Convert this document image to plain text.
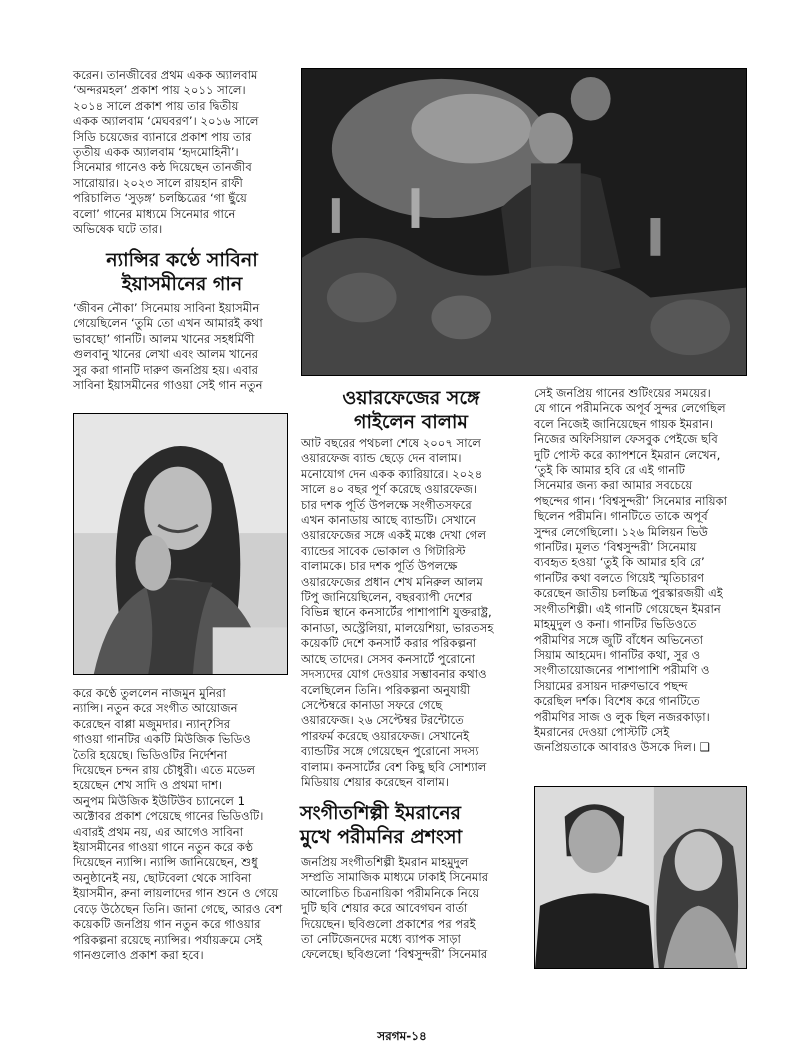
করেন। তানজীবের প্রথম একক অ্যালবাম

‘অন্দরমহল’ প্রকাশ পায় ২০১১ সালে।

২০১৪ সালে প্রকাশ পায় তার দ্বিতীয়

একক অ্যালবাম ‘মেঘবরণ’। ২০১৬ সালে

সিডি চয়েজের ব্যানারে প্রকাশ পায় তার

তৃতীয় একক অ্যালবাম ‘হৃদমোহিনী’।

সিনেমার গানেও কন্ঠ দিয়েছেন তানজীব

সারোয়ার। ২০২৩ সালে রায়হান রাফী

পরিচালিত ‘সুড়ঙ্গ’ চলচ্চিত্রের ‘গা ছুঁয়ে

বলো’ গানের মাধ্যমে সিনেমার গানে

অভিষেক ঘটে তার।

ন্যান্সির কণ্ঠে সাবিনা

ইয়াসমীনের গান

‘জীবন নৌকা’ সিনেমায় সাবিনা ইয়াসমীন

গেয়েছিলেন ‘তুমি তো এখন আমারই কথা

ভাবছো’ গানটি। আলম খানের সহধর্মিণী

গুলবানু খানের লেখা এবং আলম খানের

সুর করা গানটি দারুণ জনপ্রিয় হয়। এবার

সাবিনা ইয়াসমীনের গাওয়া সেই গান নতুন

করে কণ্ঠে তুললেন নাজমুন মুনিরা

ন্যান্সি। নতুন করে সংগীত আয়োজন

করেছেন বাপ্পা মজুমদার। ন্যান্?সির

গাওয়া গানটির একটি মিউজিক ভিডিও

তৈরি হয়েছে। ভিডিওটির নির্দেশনা

দিয়েছেন চন্দন রায় চৌধুরী। এতে মডেল

হয়েছেন শেখ সাদি ও প্রথমা দাশ।

অনুপম মিউজিক ইউটিউব চ্যানেলে 1

অক্টোবর প্রকাশ পেয়েছে গানের ভিডিওটি।

এবারই প্রথম নয়, এর আগেও সাবিনা

ইয়াসমীনের গাওয়া গানে নতুন করে কণ্ঠ

দিয়েছেন ন্যান্সি। ন্যান্সি জানিয়েছেন, শুধু

অনুষ্ঠানেই নয়, ছোটবেলা থেকে সাবিনা

ইয়াসমীন, রুনা লায়লাদের গান শুনে ও গেয়ে

বেড়ে উঠেছেন তিনি। জানা গেছে, আরও বেশ

কয়েকটি জনপ্রিয় গান নতুন করে গাওয়ার

পরিকল্পনা রয়েছে ন্যান্সির। পর্যায়ক্রমে সেই

গানগুলোও প্রকাশ করা হবে।

ওয়ারফেজের সঙ্গে

গাইলেন বালাম

আট বছরের পথচলা শেষে ২০০৭ সালে

ওয়ারফেজ ব্যান্ড ছেড়ে দেন বালাম।

মনোযোগ দেন একক ক্যারিয়ারে। ২০২৪

সালে ৪০ বছর পূর্ণ করেছে ওয়ারফেজ।

চার দশক পূর্তি উপলক্ষে সংগীতসফরে

এখন কানাডায় আছে ব্যান্ডটি। সেখানে

ওয়ারফেজের সঙ্গে একই মঞ্চে দেখা গেল

ব্যান্ডের সাবেক ভোকাল ও গিটারিস্ট

বালামকে। চার দশক পূর্তি উপলক্ষে

ওয়ারফেজের প্রধান শেখ মনিরুল আলম

টিপু জানিয়েছিলেন, বছরব্যাপী দেশের

বিভিন্ন স্থানে কনসার্টের পাশাপাশি যুক্তরাষ্ট্র,

কানাডা, অস্ট্রেলিয়া, মালয়েশিয়া, ভারতসহ

কয়েকটি দেশে কনসার্ট করার পরিকল্পনা

আছে তাদের। সেসব কনসার্টে পুরোনো

সদস্যদের যোগ দেওয়ার সম্ভাবনার কথাও

বলেছিলেন তিনি। পরিকল্পনা অনুযায়ী

সেপ্টেম্বরে কানাডা সফরে গেছে

ওয়ারফেজ। ২৬ সেপ্টেম্বর টরন্টোতে

পারফর্ম করেছে ওয়ারফেজ। সেখানেই

ব্যান্ডটির সঙ্গে গেয়েছেন পুরোনো সদস্য

বালাম। কনসার্টের বেশ কিছু ছবি সোশ্যাল

মিডিয়ায় শেয়ার করেছেন বালাম।

সংগীতশিল্পী ইমরানের

মুখে পরীমনির প্রশংসা

জনপ্রিয় সংগীতশিল্পী ইমরান মাহমুদুল

সম্প্রতি সামাজিক মাধ্যমে ঢাকাই সিনেমার

আলোচিত চিত্রনায়িকা পরীমনিকে নিয়ে

দুটি ছবি শেয়ার করে আবেগঘন বার্তা

দিয়েছেন। ছবিগুলো প্রকাশের পর পরই

তা নেটিজেনদের মধ্যে ব্যাপক সাড়া

ফেলেছে। ছবিগুলো ‘বিশ্বসুন্দরী’ সিনেমার

সেই জনপ্রিয় গানের শুটিংয়ের সময়ের।

যে গানে পরীমনিকে অপূর্ব সুন্দর লেগেছিল

বলে নিজেই জানিয়েছেন গায়ক ইমরান।

নিজের অফিসিয়াল ফেসবুক পেইজে ছবি

দুটি পোস্ট করে ক্যাপশনে ইমরান লেখেন,

‘তুই কি আমার হবি রে এই গানটি

সিনেমার জন্য করা আমার সবচেয়ে

পছন্দের গান। ‘বিশ্বসুন্দরী’ সিনেমার নায়িকা

ছিলেন পরীমনি। গানটিতে তাকে অপূর্ব

সুন্দর লেগেছিলো। ১২৬ মিলিয়ন ভিউ

গানটির। মূলত ‘বিশ্বসুন্দরী’ সিনেমায়

ব্যবহৃত হওয়া ‘তুই কি আমার হবি রে’

গানটির কথা বলতে গিয়েই স্মৃতিচারণ

করেছেন জাতীয় চলচ্চিত্র পুরস্কারজয়ী এই

সংগীতশিল্পী। এই গানটি গেয়েছেন ইমরান

মাহমুদুল ও কনা। গানটির ভিডিওতে

পরীমণির সঙ্গে জুটি বাঁধেন অভিনেতা

সিয়াম আহমেদ। গানটির কথা, সুর ও

সংগীতায়োজনের পাশাপাশি পরীমণি ও

সিয়ামের রসায়ন দারুণভাবে পছন্দ

করেছিল দর্শক। বিশেষ করে গানটিতে

পরীমণির সাজ ও লুক ছিল নজরকাড়া।

ইমরানের দেওয়া পোস্টটি সেই

জনপ্রিয়তাকে আবারও উসকে দিল। ❑

সরগম-১৪
